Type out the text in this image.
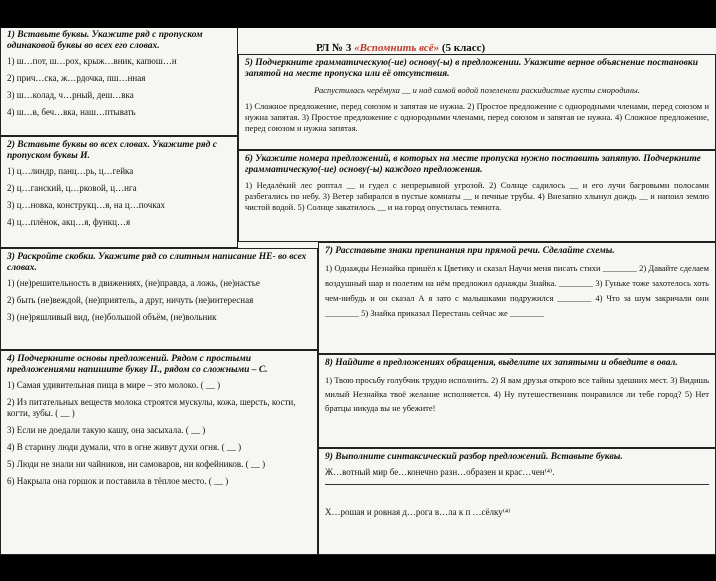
1) Вставьте буквы. Укажите ряд с пропуском одинаковой буквы во всех его словах.

1) ш…пот, ш…рох, крыж…вник, капюш…н

2) прич…ска, ж…рдочка, пш…нная

3) ш…колад, ч…рный, деш…вка

4) ш…в, беч…вка, наш…птывать

2) Вставьте буквы во всех словах. Укажите ряд с пропуском буквы И.

1) ц…линдр, панц…рь, ц…гейка

2) ц…ганский, ц…рковой, ц…нга

3) ц…новка, конструкц…я, на ц…почках

4) ц…плёнок, акц…я, функц…я

3) Раскройте скобки. Укажите ряд со слитным написание НЕ- во всех словах.

1) (не)решительность в движениях, (не)правда, а ложь, (не)настье

2) быть (не)веждой, (не)приятель, а друг, ничуть (не)интересная

3) (не)ряшливый вид, (не)большой объём, (не)вольник

4) Подчеркните основы предложений. Рядом с простыми предложениями напишите букву П., рядом со сложными – С.

1) Самая удивительная пища в мире – это молоко. ( __ )

2) Из питательных веществ молока строятся мускулы, кожа, шерсть, кости, когти, зубы. ( __ )

3) Если не доедали такую кашу, она засыхала. ( __ )

4) В старину люди думали, что в огне живут духи огня. ( __ )

5) Люди не знали ни чайников, ни самоваров, ни кофейников. ( __ )

6) Накрыла она горшок и поставила в тёплое место. ( __ )

РЛ № 3 «Вспомнить всё» (5 класс)

5) Подчеркните грамматическую(-ие) основу(-ы) в предложении. Укажите верное объяснение постановки запятой на месте пропуска или её отсутствия.

Распустилась черёмуха __ и над самой водой позеленели раскидистые кусты смородины.

1) Сложное предложение, перед союзом и запятая не нужна. 2) Простое предложение с однородными членами, перед союзом и нужна запятая. 3) Простое предложение с однородными членами, перед союзом и запятая не нужна. 4) Сложное предложение, перед союзом и нужна запятая.

6) Укажите номера предложений, в которых на месте пропуска нужно поставить запятую. Подчеркните грамматическую(-ие) основу(-ы) каждого предложения.

1) Недалёкий лес роптал __ и гудел с непрерывной угрозой. 2) Солнце садилось __ и его лучи багровыми полосами разбегались по небу. 3) Ветер забирался в пустые комнаты __ и печные трубы. 4) Внезапно хлынул дождь __ и напоил землю чистой водой. 5) Солнце закатилось __ и на город опустилась темнота.

7) Расставьте знаки препинания при прямой речи. Сделайте схемы.

1) Однажды Незнайка пришёл к Цветику и сказал Научи меня писать стихи ________ 2) Давайте сделаем воздушный шар и полетим на нём предложил однажды Знайка. ________ 3) Гуньке тоже захотелось хоть чем-нибудь и он сказал А я зато с малышками подружился ________ 4) Что за шум закричали они ________ 5) Знайка приказал Перестань сейчас же ________

8) Найдите в предложениях обращения, выделите их запятыми и обведите в овал.

1) Твою просьбу голубчик трудно исполнить. 2) Я вам друзья открою все тайны здешних мест. 3) Видишь милый Незнайка твоё желание исполняется. 4) Ну путешественник понравился ли тебе город? 5) Нет братцы никуда вы не убежите!

9) Выполните синтаксический разбор предложений. Вставьте буквы.

Ж…вотный мир бе…конечно разн…образен и крас…чен⁽⁴⁾.

Х…рошая и ровная д…рога в…ла к п …сёлку⁽⁴⁾
